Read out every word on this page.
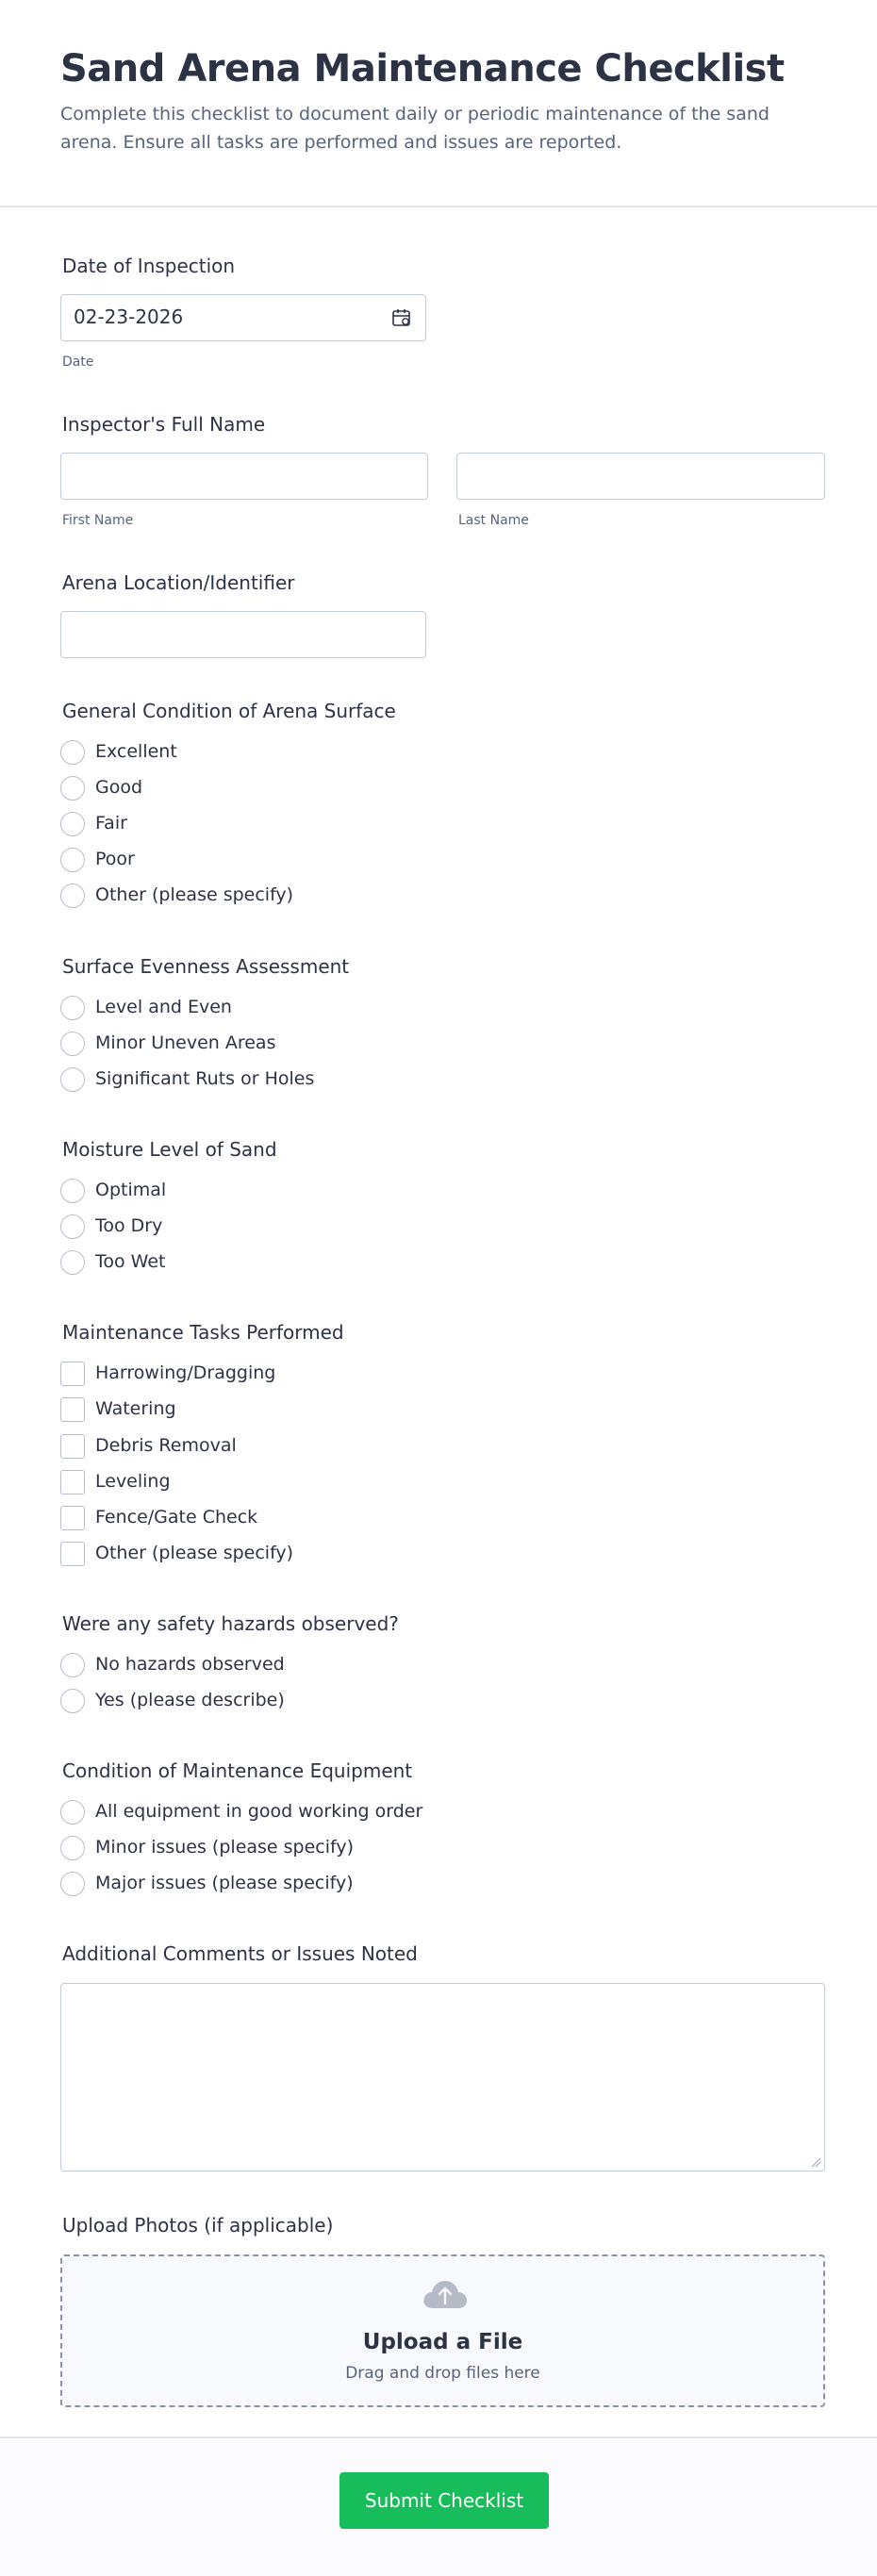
Sand Arena Maintenance Checklist
Complete this checklist to document daily or periodic maintenance of the sand arena. Ensure all tasks are performed and issues are reported.
Date of Inspection
02-23-2026
Date
Inspector's Full Name
First Name	Last Name
Arena Location/Identifier
General Condition of Arena Surface
Excellent
Good
Fair
Poor
Other (please specify)
Surface Evenness Assessment
Level and Even
Minor Uneven Areas
Significant Ruts or Holes
Moisture Level of Sand
Optimal
Too Dry
Too Wet
Maintenance Tasks Performed
Harrowing/Dragging
Watering
Debris Removal
Leveling
Fence/Gate Check
Other (please specify)
Were any safety hazards observed?
No hazards observed
Yes (please describe)
Condition of Maintenance Equipment
All equipment in good working order
Minor issues (please specify)
Major issues (please specify)
Additional Comments or Issues Noted
Upload Photos (if applicable)
Upload a File
Drag and drop files here
Submit Checklist
